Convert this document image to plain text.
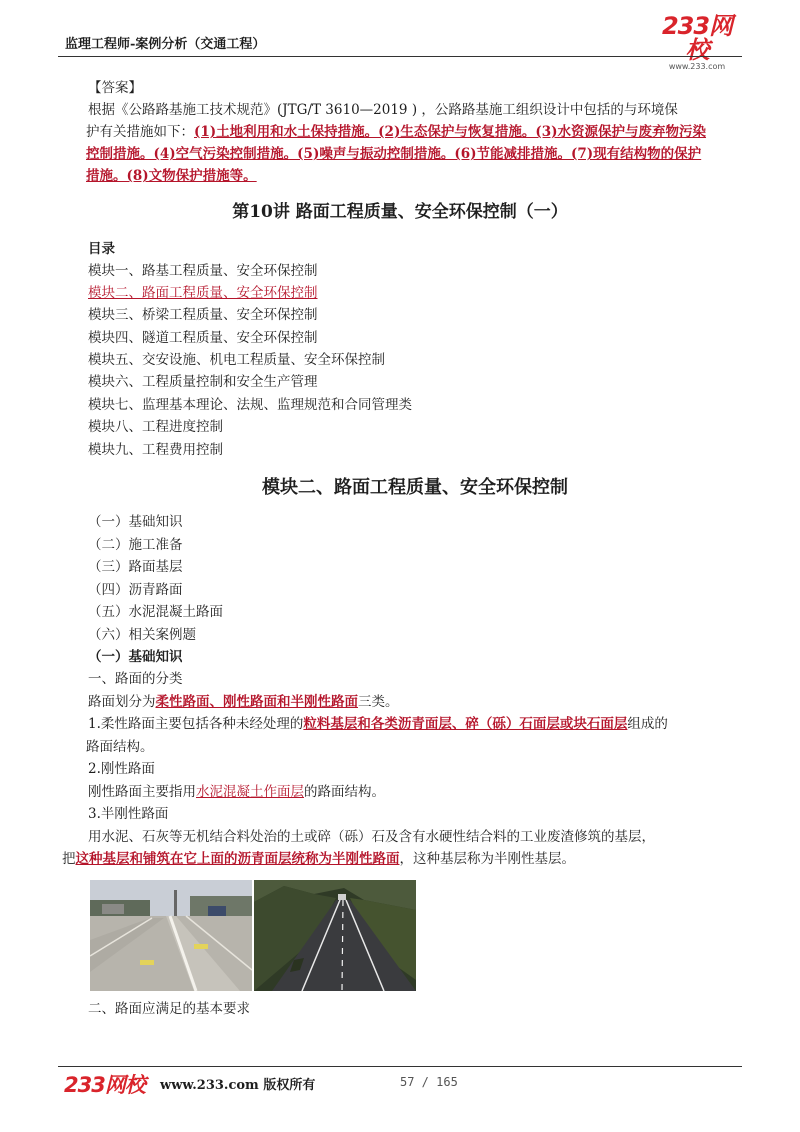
监理工程师-案例分析（交通工程）
233网校
www.233.com
【答案】
根据《公路路基施工技术规范》(JTG/T 3610—2019 ) ，公路路基施工组织设计中包括的与环境保
护有关措施如下：(1)土地利用和水土保持措施。(2)生态保护与恢复措施。(3)水资源保护与废弃物污染
控制措施。(4)空气污染控制措施。(5)噪声与振动控制措施。(6)节能减排措施。(7)现有结构物的保护
措施。(8)文物保护措施等。
第10讲 路面工程质量、安全环保控制（一）
目录
模块一、路基工程质量、安全环保控制
模块二、路面工程质量、安全环保控制
模块三、桥梁工程质量、安全环保控制
模块四、隧道工程质量、安全环保控制
模块五、交安设施、机电工程质量、安全环保控制
模块六、工程质量控制和安全生产管理
模块七、监理基本理论、法规、监理规范和合同管理类
模块八、工程进度控制
模块九、工程费用控制
模块二、路面工程质量、安全环保控制
（一）基础知识
（二）施工准备
（三）路面基层
（四）沥青路面
（五）水泥混凝土路面
（六）相关案例题
（一）基础知识
一、路面的分类
路面划分为柔性路面、刚性路面和半刚性路面三类。
1.柔性路面主要包括各种未经处理的粒料基层和各类沥青面层、碎（砾）石面层或块石面层组成的
路面结构。
2.刚性路面
刚性路面主要指用水泥混凝土作面层的路面结构。
3.半刚性路面
用水泥、石灰等无机结合料处治的土或碎（砾）石及含有水硬性结合料的工业废渣修筑的基层，
把这种基层和铺筑在它上面的沥青面层统称为半刚性路面，这种基层称为半刚性基层。
二、路面应满足的基本要求
233网校 www.233.com 版权所有	57 / 165
